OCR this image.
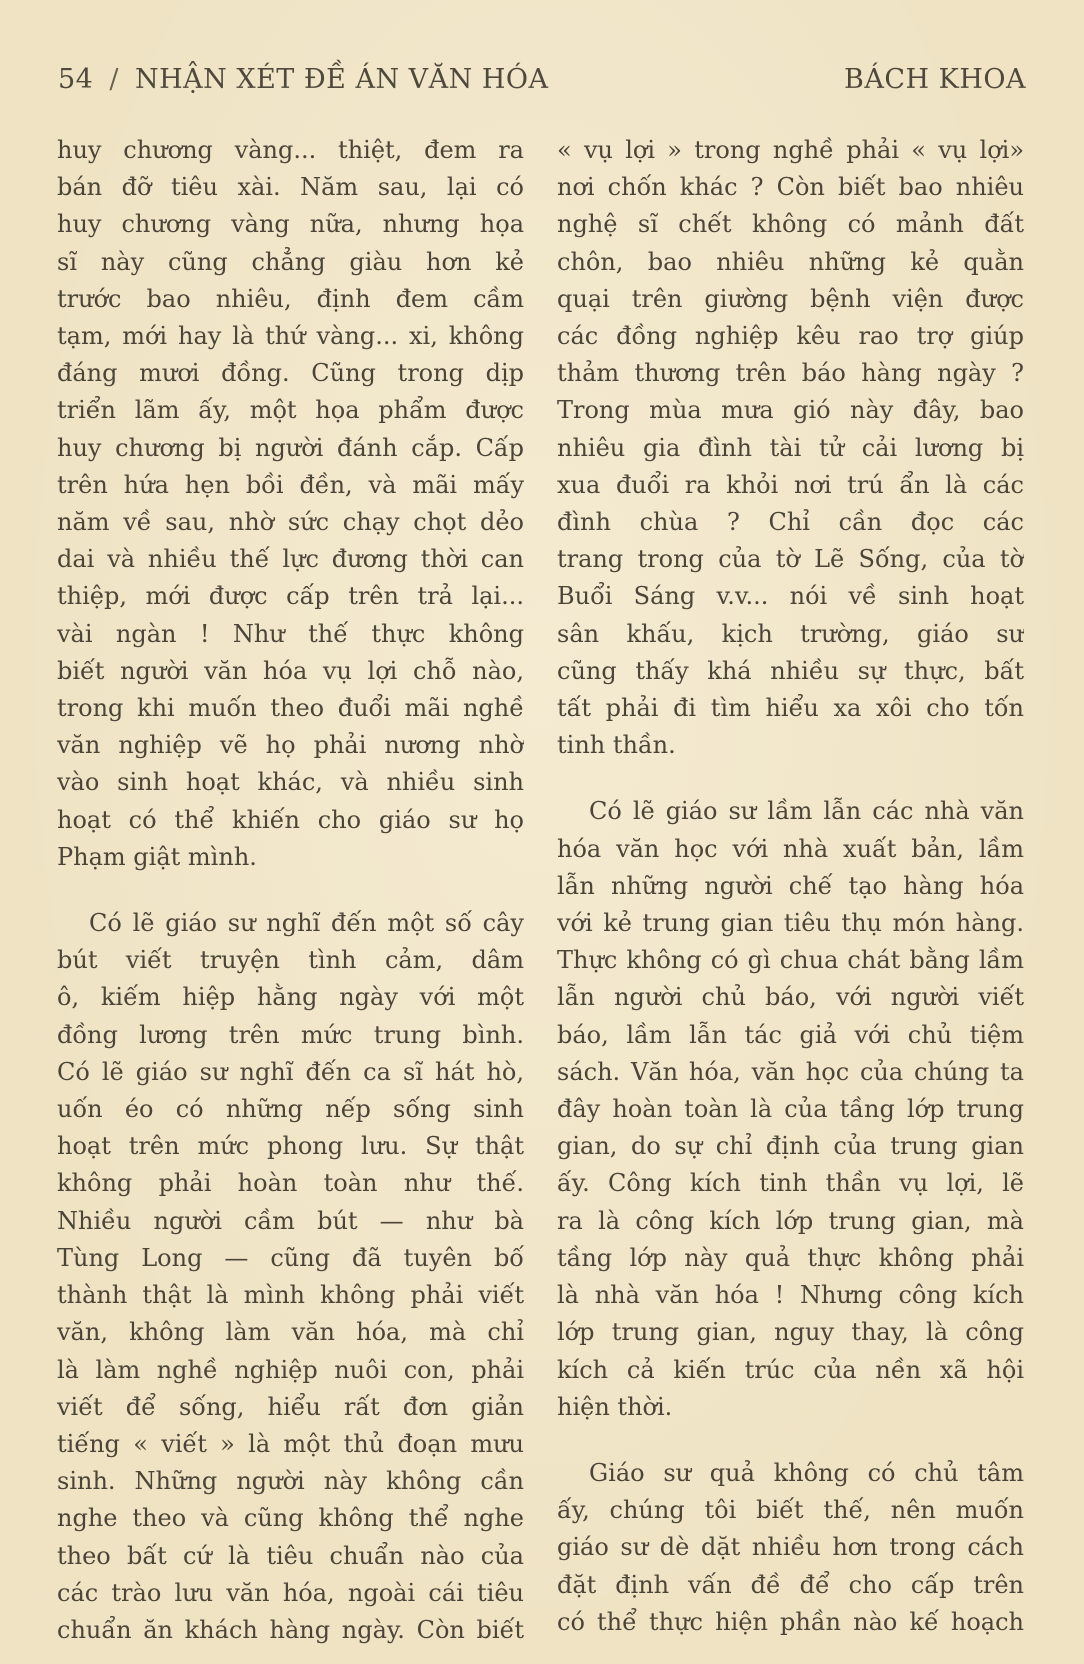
54 / NHẬN XÉT ĐỀ ÁN VĂN HÓA	BÁCH KHOA

huy chương vàng... thiệt, đem ra

bán đỡ tiêu xài. Năm sau, lại có

huy chương vàng nữa, nhưng họa

sĩ này cũng chẳng giàu hơn kẻ

trước bao nhiêu, định đem cầm

tạm, mới hay là thứ vàng... xi, không

đáng mươi đồng. Cũng trong dịp

triển lãm ấy, một họa phẩm được

huy chương bị người đánh cắp. Cấp

trên hứa hẹn bồi đền, và mãi mấy

năm về sau, nhờ sức chạy chọt dẻo

dai và nhiều thế lực đương thời can

thiệp, mới được cấp trên trả lại...

vài ngàn ! Như thế thực không

biết người văn hóa vụ lợi chỗ nào,

trong khi muốn theo đuổi mãi nghề

văn nghiệp vẽ họ phải nương nhờ

vào sinh hoạt khác, và nhiều sinh

hoạt có thể khiến cho giáo sư họ

Phạm giật mình.

Có lẽ giáo sư nghĩ đến một số cây

bút viết truyện tình cảm, dâm

ô, kiếm hiệp hằng ngày với một

đồng lương trên mức trung bình.

Có lẽ giáo sư nghĩ đến ca sĩ hát hò,

uốn éo có những nếp sống sinh

hoạt trên mức phong lưu. Sự thật

không phải hoàn toàn như thế.

Nhiều người cầm bút — như bà

Tùng Long — cũng đã tuyên bố

thành thật là mình không phải viết

văn, không làm văn hóa, mà chỉ

là làm nghề nghiệp nuôi con, phải

viết để sống, hiểu rất đơn giản

tiếng « viết » là một thủ đoạn mưu

sinh. Những người này không cần

nghe theo và cũng không thể nghe

theo bất cứ là tiêu chuẩn nào của

các trào lưu văn hóa, ngoài cái tiêu

chuẩn ăn khách hàng ngày. Còn biết

« vụ lợi » trong nghề phải « vụ lợi»

nơi chốn khác ? Còn biết bao nhiêu

nghệ sĩ chết không có mảnh đất

chôn, bao nhiêu những kẻ quằn

quại trên giường bệnh viện được

các đồng nghiệp kêu rao trợ giúp

thảm thương trên báo hàng ngày ?

Trong mùa mưa gió này đây, bao

nhiêu gia đình tài tử cải lương bị

xua đuổi ra khỏi nơi trú ẩn là các

đình chùa ? Chỉ cần đọc các

trang trong của tờ Lẽ Sống, của tờ

Buổi Sáng v.v... nói về sinh hoạt

sân khấu, kịch trường, giáo sư

cũng thấy khá nhiều sự thực, bất

tất phải đi tìm hiểu xa xôi cho tốn

tinh thần.

Có lẽ giáo sư lầm lẫn các nhà văn

hóa văn học với nhà xuất bản, lầm

lẫn những người chế tạo hàng hóa

với kẻ trung gian tiêu thụ món hàng.

Thực không có gì chua chát bằng lầm

lẫn người chủ báo, với người viết

báo, lầm lẫn tác giả với chủ tiệm

sách. Văn hóa, văn học của chúng ta

đây hoàn toàn là của tầng lớp trung

gian, do sự chỉ định của trung gian

ấy. Công kích tinh thần vụ lợi, lẽ

ra là công kích lớp trung gian, mà

tầng lớp này quả thực không phải

là nhà văn hóa ! Nhưng công kích

lớp trung gian, nguy thay, là công

kích cả kiến trúc của nền xã hội

hiện thời.

Giáo sư quả không có chủ tâm

ấy, chúng tôi biết thế, nên muốn

giáo sư dè dặt nhiều hơn trong cách

đặt định vấn đề để cho cấp trên

có thể thực hiện phần nào kế hoạch
